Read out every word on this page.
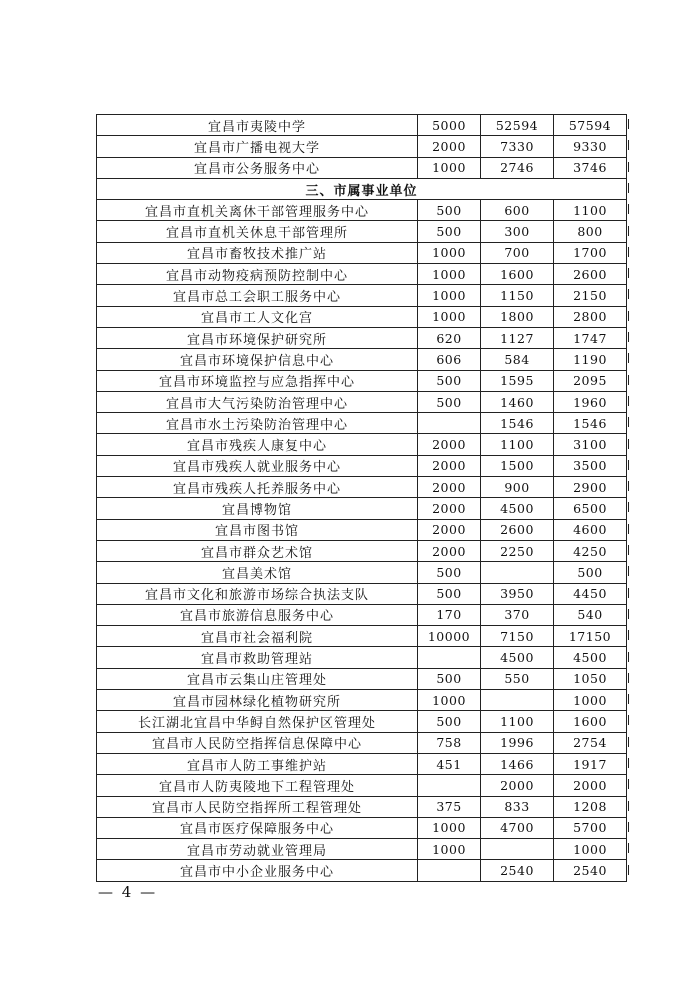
宜昌市夷陵中学	5000	52594	57594
宜昌市广播电视大学	2000	7330	9330
宜昌市公务服务中心	1000	2746	3746
三、市属事业单位			
宜昌市直机关离休干部管理服务中心	500	600	1100
宜昌市直机关休息干部管理所	500	300	800
宜昌市畜牧技术推广站	1000	700	1700
宜昌市动物疫病预防控制中心	1000	1600	2600
宜昌市总工会职工服务中心	1000	1150	2150
宜昌市工人文化宫	1000	1800	2800
宜昌市环境保护研究所	620	1127	1747
宜昌市环境保护信息中心	606	584	1190
宜昌市环境监控与应急指挥中心	500	1595	2095
宜昌市大气污染防治管理中心	500	1460	1960
宜昌市水土污染防治管理中心		1546	1546
宜昌市残疾人康复中心	2000	1100	3100
宜昌市残疾人就业服务中心	2000	1500	3500
宜昌市残疾人托养服务中心	2000	900	2900
宜昌博物馆	2000	4500	6500
宜昌市图书馆	2000	2600	4600
宜昌市群众艺术馆	2000	2250	4250
宜昌美术馆	500		500
宜昌市文化和旅游市场综合执法支队	500	3950	4450
宜昌市旅游信息服务中心	170	370	540
宜昌市社会福利院	10000	7150	17150
宜昌市救助管理站		4500	4500
宜昌市云集山庄管理处	500	550	1050
宜昌市园林绿化植物研究所	1000		1000
长江湖北宜昌中华鲟自然保护区管理处	500	1100	1600
宜昌市人民防空指挥信息保障中心	758	1996	2754
宜昌市人防工事维护站	451	1466	1917
宜昌市人防夷陵地下工程管理处		2000	2000
宜昌市人民防空指挥所工程管理处	375	833	1208
宜昌市医疗保障服务中心	1000	4700	5700
宜昌市劳动就业管理局	1000		1000
宜昌市中小企业服务中心		2540	2540
— 4 —
